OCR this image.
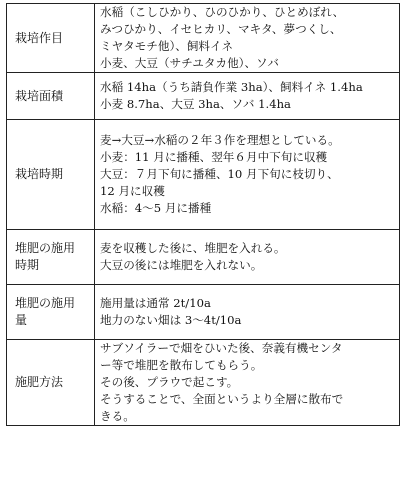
栽培作目	水稲（こしひかり、ひのひかり、ひとめぼれ、
みつひかり、イセヒカリ、マキタ、夢つくし、
ミヤタモチ他）、飼料イネ
小麦、大豆（サチユタカ他）、ソバ

栽培面積	水稲 14ha（うち請負作業 3ha）、飼料イネ 1.4ha
小麦 8.7ha、大豆 3ha、ソバ 1.4ha

栽培時期	麦→大豆→水稲の２年３作を理想としている。
小麦：11 月に播種、翌年６月中下旬に収穫
大豆：７月下旬に播種、10 月下旬に枝切り、
12 月に収穫
水稲：4〜5 月に播種

堆肥の施用
時期	麦を収穫した後に、堆肥を入れる。
大豆の後には堆肥を入れない。

堆肥の施用
量	施用量は通常 2t/10a
地力のない畑は 3〜4t/10a

施肥方法	サブソイラーで畑をひいた後、奈義有機センタ
ー等で堆肥を散布してもらう。
その後、プラウで起こす。
そうすることで、全面というより全層に散布で
きる。
